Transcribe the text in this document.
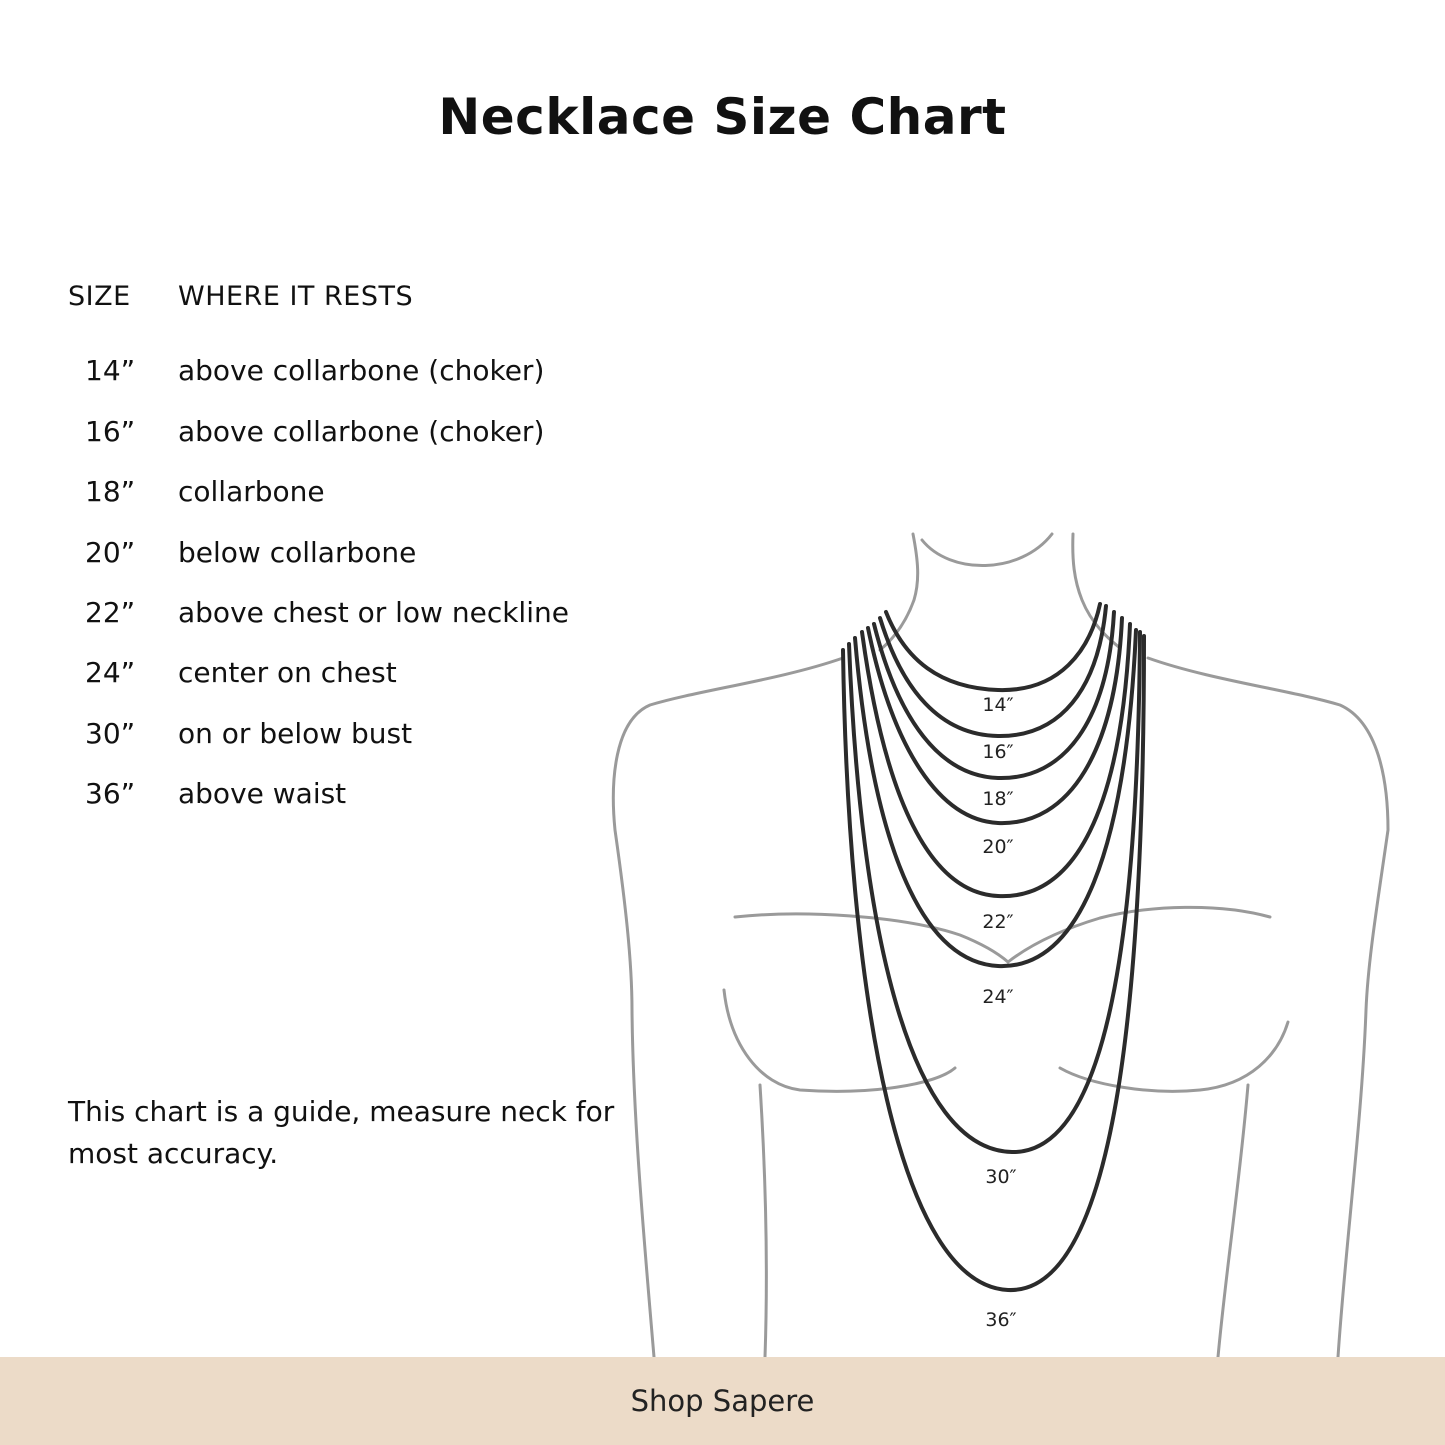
Necklace Size Chart
SIZE WHERE IT RESTS
14”	above collarbone (choker)
16”	above collarbone (choker)
18”	collarbone
20”	below collarbone
22”	above chest or low neckline
24”	center on chest
30”	on or below bust
36”	above waist
This chart is a guide, measure neck for most accuracy.
14″
16″
18″
20″
22″
24″
30″
36″
Shop Sapere
